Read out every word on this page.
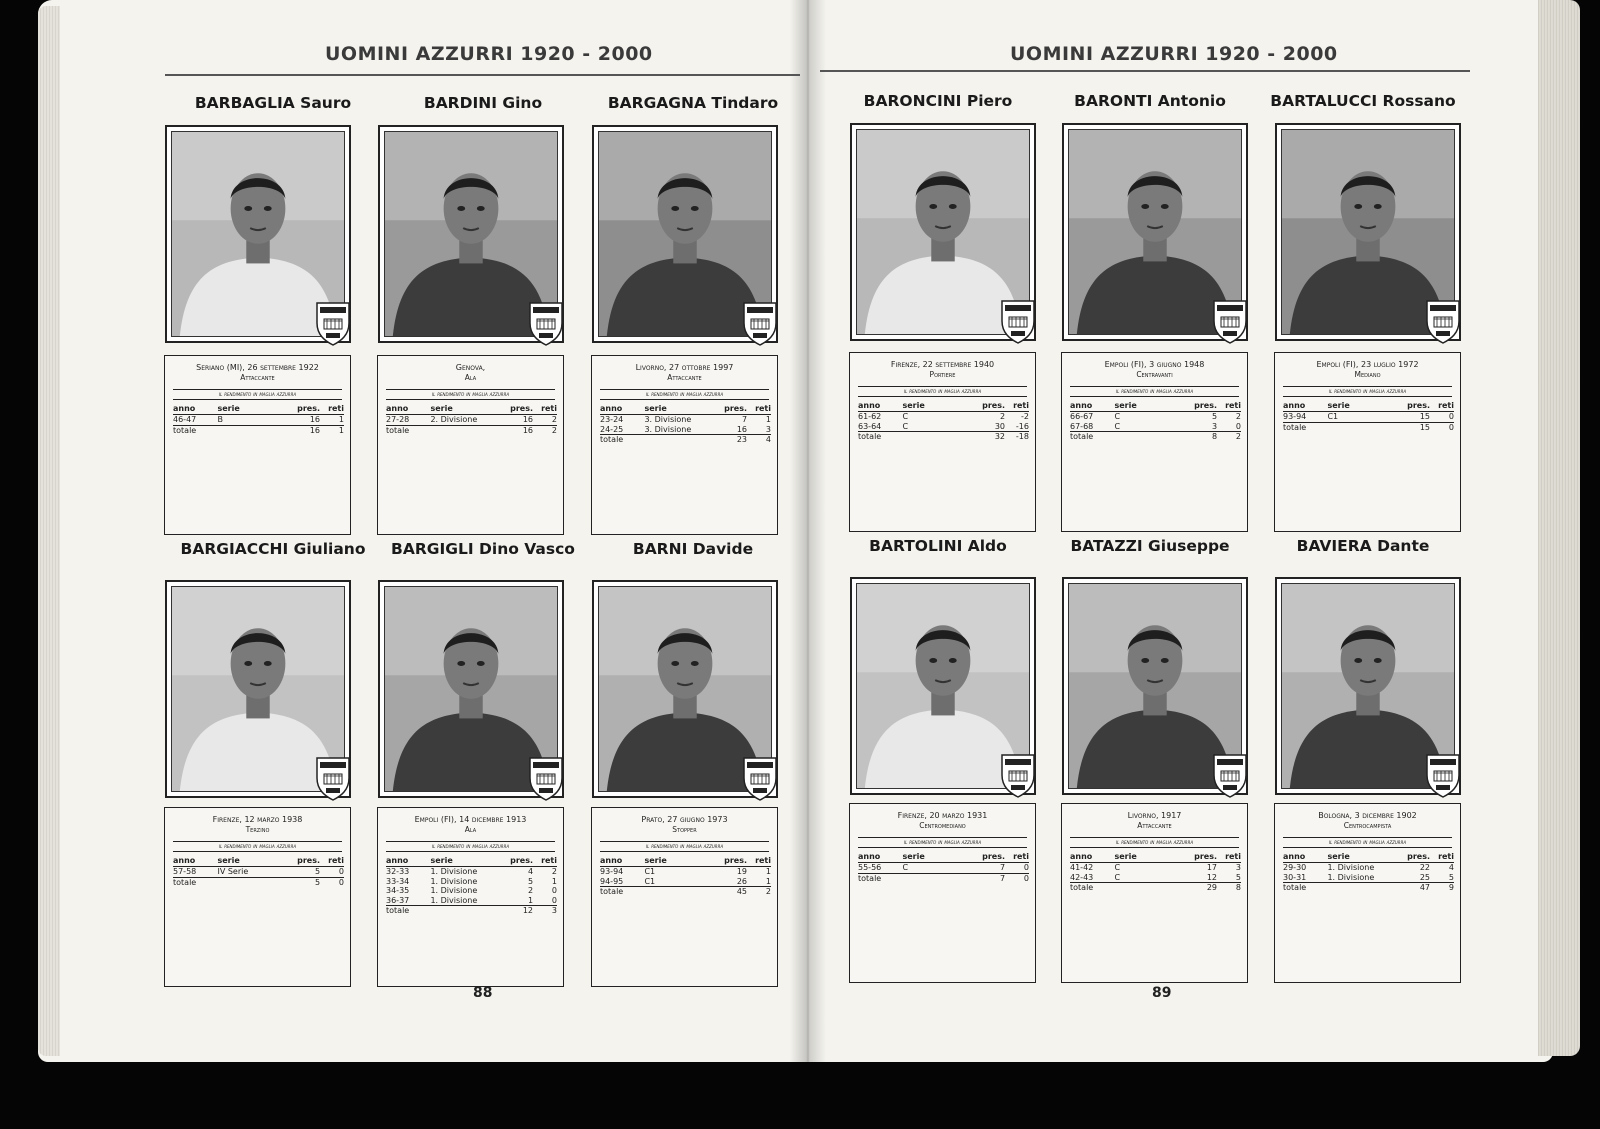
UOMINI AZZURRI 1920 - 2000	UOMINI AZZURRI 1920 - 2000
BARBAGLIA Sauro
Seriano (MI), 26 settembre 1922
Attaccante
il rendimento in maglia azzurra
anno	serie	pres.	reti
46-47	B	16	1
totale		16	1
BARDINI Gino
Genova,
Ala
il rendimento in maglia azzurra
anno	serie	pres.	reti
27-28	2. Divisione	16	2
totale		16	2
BARGAGNA Tindaro
Livorno, 27 ottobre 1997
Attaccante
il rendimento in maglia azzurra
anno	serie	pres.	reti
23-24	3. Divisione	7	1
24-25	3. Divisione	16	3
totale		23	4
BARGIACCHI Giuliano
Firenze, 12 marzo 1938
Terzino
il rendimento in maglia azzurra
anno	serie	pres.	reti
57-58	IV Serie	5	0
totale		5	0
BARGIGLI Dino Vasco
Empoli (FI), 14 dicembre 1913
Ala
il rendimento in maglia azzurra
anno	serie	pres.	reti
32-33	1. Divisione	4	2
33-34	1. Divisione	5	1
34-35	1. Divisione	2	0
36-37	1. Divisione	1	0
totale		12	3
BARNI Davide
Prato, 27 giugno 1973
Stopper
il rendimento in maglia azzurra
anno	serie	pres.	reti
93-94	C1	19	1
94-95	C1	26	1
totale		45	2
BARONCINI Piero
Firenze, 22 settembre 1940
Portiere
il rendimento in maglia azzurra
anno	serie	pres.	reti
61-62	C	2	-2
63-64	C	30	-16
totale		32	-18
BARONTI Antonio
Empoli (FI), 3 giugno 1948
Centravanti
il rendimento in maglia azzurra
anno	serie	pres.	reti
66-67	C	5	2
67-68	C	3	0
totale		8	2
BARTALUCCI Rossano
Empoli (FI), 23 luglio 1972
Mediano
il rendimento in maglia azzurra
anno	serie	pres.	reti
93-94	C1	15	0
totale		15	0
BARTOLINI Aldo
Firenze, 20 marzo 1931
Centromediano
il rendimento in maglia azzurra
anno	serie	pres.	reti
55-56	C	7	0
totale		7	0
BATAZZI Giuseppe
Livorno, 1917
Attaccante
il rendimento in maglia azzurra
anno	serie	pres.	reti
41-42	C	17	3
42-43	C	12	5
totale		29	8
BAVIERA Dante
Bologna, 3 dicembre 1902
Centrocampista
il rendimento in maglia azzurra
anno	serie	pres.	reti
29-30	1. Divisione	22	4
30-31	1. Divisione	25	5
totale		47	9
88	89
